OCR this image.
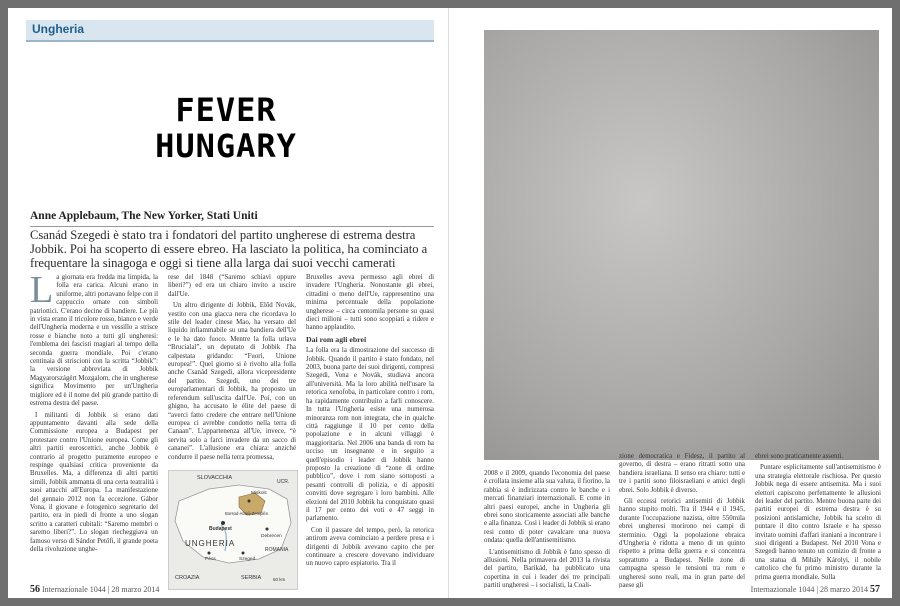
Ungheria
FEVER
HUNGARY
Anne Applebaum, The New Yorker, Stati Uniti
Csanád Szegedi è stato tra i fondatori del partito ungherese di estrema destra Jobbik. Poi ha scoperto di essere ebreo. Ha lasciato la politica, ha cominciato a frequentare la sinagoga e oggi si tiene alla larga dai suoi vecchi camerati

La giornata era fredda ma limpida, la folla era carica. Alcuni erano in uniforme, altri portavano felpe con il cappuccio ornate con simboli patriottici. C'erano decine di bandiere. Le più in vista erano il tricolore rosso, bianco e verde dell'Ungheria moderna e un vessillo a strisce rosse e bianche noto a tutti gli ungheresi: l'emblema dei fascisti magiari al tempo della seconda guerra mondiale. Poi c'erano centinaia di striscioni con la scritta “Jobbik”: la versione abbreviata di Jobbik Magyarországért Mozgalom, che in ungherese significa Movimento per un'Ungheria migliore ed è il nome del più grande partito di estrema destra del paese.

I militanti di Jobbik si erano dati appuntamento davanti alla sede della Commissione europea a Budapest per protestare contro l'Unione europea. Come gli altri partiti euroscettici, anche Jobbik è contrario al progetto puramente europeo e respinge qualsiasi critica proveniente da Bruxelles. Ma, a differenza di altri partiti simili, Jobbik ammanta di una certa teatralità i suoi attacchi all'Europa. La manifestazione del gennaio 2012 non fa eccezione. Gábor Vona, il giovane e fotogenico segretario del partito, era in piedi di fronte a uno slogan scritto a caratteri cubitali: “Saremo membri o saremo liberi?”. Lo slogan riecheggiava un famoso verso di Sándor Petőfi, il grande poeta della rivoluzione unghe-

rese del 1848 (“Saremo schiavi oppure liberi?”) ed era un chiaro invito a uscire dall'Ue.

Un altro dirigente di Jobbik, Előd Novák, vestito con una giacca nera che ricordava lo stile del leader cinese Mao, ha versato del liquido infiammabile su una bandiera dell'Ue e le ha dato fuoco. Mentre la folla urlava “Brucialal”, un deputato di Jobbik l'ha calpestata gridando: “Fuori, Unione europea!”. Quel giorno si è rivolto alla folla anche Csanád Szegedi, allora vicepresidente del partito. Szegedi, uno dei tre europarlamentari di Jobbik, ha proposto un referendum sull'uscita dall'Ue. Poi, con un ghigno, ha accusato le élite del paese di “averci fatto credere che entrare nell'Unione europea ci avrebbe condotto nella terra di Canaan”. L'appartenenza all'Ue, invece, “è servita solo a farci invadere da un sacco di cananei”. L'allusione era chiara: anziché condurre il paese nella terra promessa,

SLOVACCHIA
UCR.
Miskolc
Borsod-Abaúj-Zemplén
Budapest
Debrecen
UNGHERIA
ROMANIA
Pécs	Szeged
CROAZIA	SERBIA	50 km

Bruxelles aveva permesso agli ebrei di invadere l'Ungheria. Nonostante gli ebrei, cittadini o meno dell'Ue, rappresentino una minima percentuale della popolazione ungherese – circa centomila persone su quasi dieci milioni – tutti sono scoppiati a ridere e hanno applaudito.

Dai rom agli ebrei

La folla era la dimostrazione del successo di Jobbik. Quando il partito è stato fondato, nel 2003, buona parte dei suoi dirigenti, compresi Szegedi, Vona e Novák, studiava ancora all'università. Ma la loro abilità nell'usare la retorica xenofoba, in particolare contro i rom, ha rapidamente contribuito a farli conoscere. In tutta l'Ungheria esiste una numerosa minoranza rom non integrata, che in qualche città raggiunge il 10 per cento della popolazione e in alcuni villaggi è maggioritaria. Nel 2006 una banda di rom ha ucciso un insegnante e in seguito a quell'episodio i leader di Jobbik hanno proposto la creazione di “zone di ordine pubblico”, dove i rom siano sottoposti a pesanti controlli di polizia, e di appositi convitti dove segregare i loro bambini. Alle elezioni del 2010 Jobbik ha conquistato quasi il 17 per cento dei voti e 47 seggi in parlamento.

Con il passare del tempo, però, la retorica antirom aveva cominciato a perdere presa e i dirigenti di Jobbik avevano capito che per continuare a crescere dovevano individuare un nuovo capro espiatorio. Tra il

56 Internazionale 1044 | 28 marzo 2014

2008 e il 2009, quando l'economia del paese è crollata insieme alla sua valuta, il fiorino, la rabbia si è indirizzata contro le banche e i mercati finanziari internazionali. E come in altri paesi europei, anche in Ungheria gli ebrei sono storicamente associati alle banche e alla finanza. Così i leader di Jobbik si erano resi conto di poter cavalcare una nuova ondata: quella dell'antisemitismo.

L'antisemitismo di Jobbik è fatto spesso di allusioni. Nella primavera del 2013 la rivista del partito, Barikád, ha pubblicato una copertina in cui i leader dei tre principali partiti ungheresi – i socialisti, la Coali-

zione democratica e Fidesz, il partito al governo, di destra – erano ritratti sotto una bandiera israeliana. Il senso era chiaro: tutti e tre i partiti sono filoisraeliani e amici degli ebrei. Solo Jobbik è diverso.

Gli eccessi retorici antisemiti di Jobbik hanno stupito molti. Tra il 1944 e il 1945, durante l'occupazione nazista, oltre 550mila ebrei ungheresi morirono nei campi di sterminio. Oggi la popolazione ebraica d'Ungheria è ridotta a meno di un quinto rispetto a prima della guerra e si concentra soprattutto a Budapest. Nelle zone di campagna spesso le tensioni tra rom e ungheresi sono reali, ma in gran parte del paese gli

ebrei sono praticamente assenti.

Puntare esplicitamente sull'antisemitismo è una strategia elettorale rischiosa. Per questo Jobbik nega di essere antisemita. Ma i suoi elettori capiscono perfettamente le allusioni dei leader del partito. Mentre buona parte dei partiti europei di estrema destra è su posizioni antislamiche, Jobbik ha scelto di puntare il dito contro Israele e ha spesso invitato uomini d'affari iraniani a incontrare i suoi dirigenti a Budapest. Nel 2010 Vona e Szegedi hanno tenuto un comizio di fronte a una statua di Mihály Károlyi, il nobile cattolico che fu primo ministro durante la prima guerra mondiale. Sulla

Internazionale 1044 | 28 marzo 2014 57
